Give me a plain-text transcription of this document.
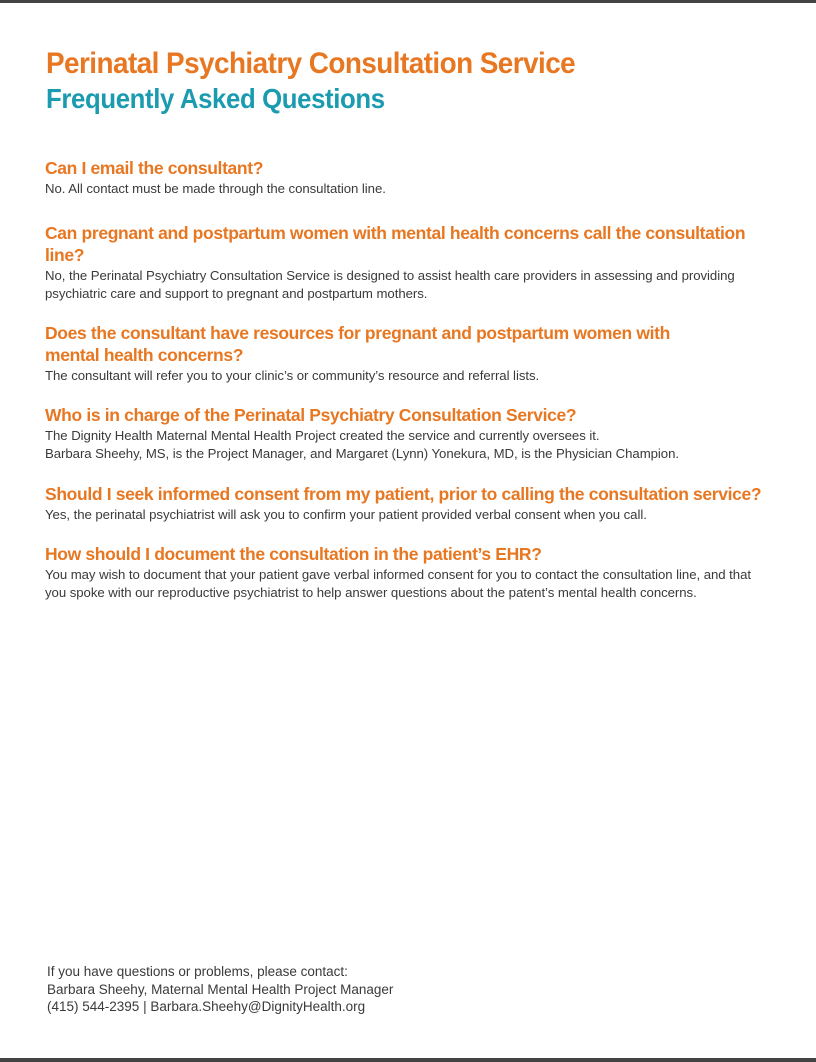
Perinatal Psychiatry Consultation Service
Frequently Asked Questions

Can I email the consultant?

No. All contact must be made through the consultation line.

Can pregnant and postpartum women with mental health concerns call the consultation line?

No, the Perinatal Psychiatry Consultation Service is designed to assist health care providers in assessing and providing psychiatric care and support to pregnant and postpartum mothers.

Does the consultant have resources for pregnant and postpartum women with mental health concerns?

The consultant will refer you to your clinic’s or community’s resource and referral lists.

Who is in charge of the Perinatal Psychiatry Consultation Service?

The Dignity Health Maternal Mental Health Project created the service and currently oversees it.
Barbara Sheehy, MS, is the Project Manager, and Margaret (Lynn) Yonekura, MD, is the Physician Champion.

Should I seek informed consent from my patient, prior to calling the consultation service?

Yes, the perinatal psychiatrist will ask you to confirm your patient provided verbal consent when you call.

How should I document the consultation in the patient’s EHR?

You may wish to document that your patient gave verbal informed consent for you to contact the consultation line, and that you spoke with our reproductive psychiatrist to help answer questions about the patent’s mental health concerns.

If you have questions or problems, please contact:
Barbara Sheehy, Maternal Mental Health Project Manager
(415) 544-2395 | Barbara.Sheehy@DignityHealth.org
